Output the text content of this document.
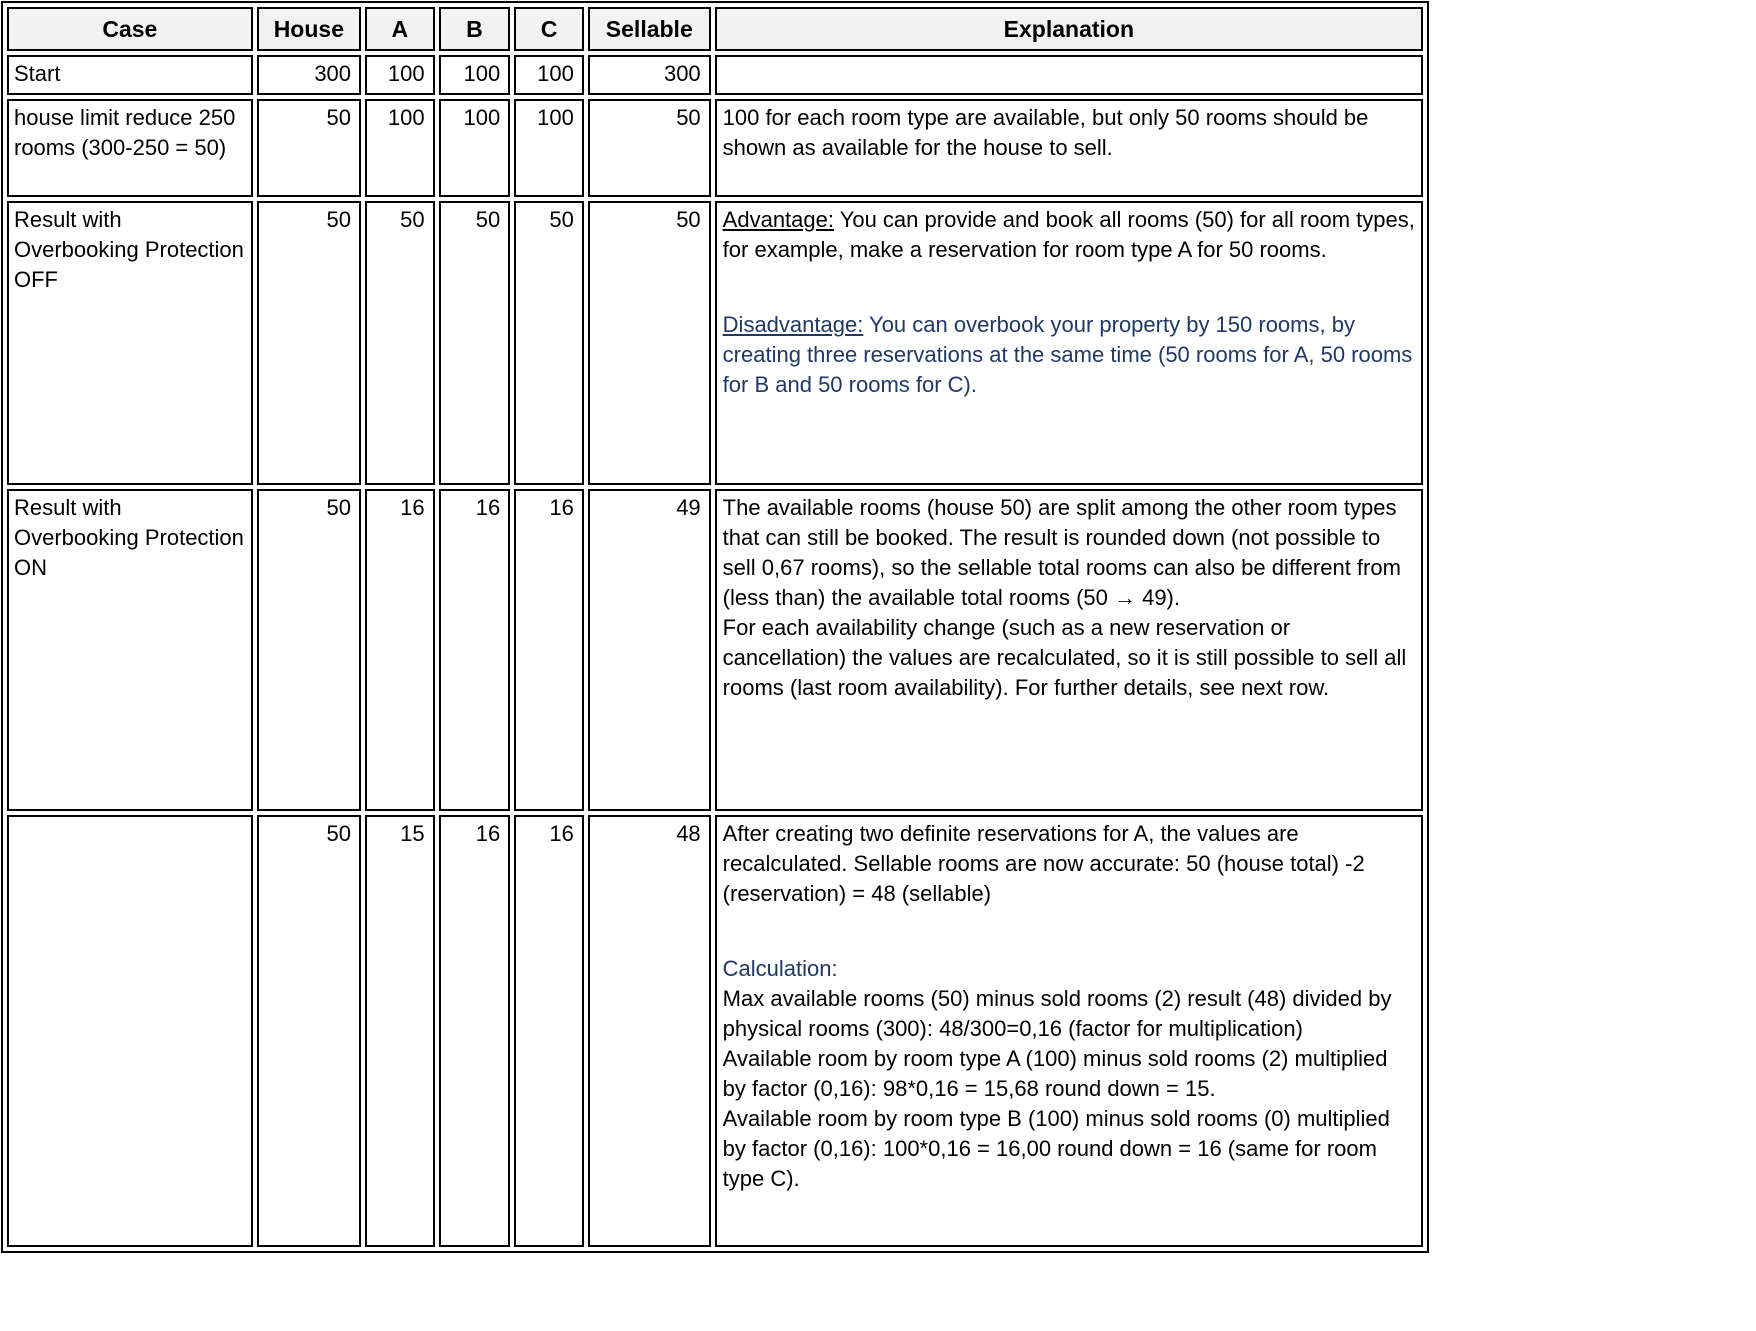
Case	House	A	B	C	Sellable	Explanation
Start	300	100	100	100	300	
house limit reduce 250 rooms (300-250 = 50)	50	100	100	100	50	100 for each room type are available, but only 50 rooms should be shown as available for the house to sell.

Result with Overbooking Protection OFF	50	50	50	50	50	Advantage: You can provide and book all rooms (50) for all room types, for example, make a reservation for room type A for 50 rooms.
Disadvantage: You can overbook your property by 150 rooms, by creating three reservations at the same time (50 rooms for A, 50 rooms for B and 50 rooms for C).

Result with Overbooking Protection ON	50	16	16	16	49	The available rooms (house 50) are split among the other room types that can still be booked. The result is rounded down (not possible to sell 0,67 rooms), so the sellable total rooms can also be different from (less than) the available total rooms (50 → 49).
For each availability change (such as a new reservation or cancellation) the values are recalculated, so it is still possible to sell all rooms (last room availability). For further details, see next row.

	50	15	16	16	48	After creating two definite reservations for A, the values are recalculated. Sellable rooms are now accurate: 50 (house total) -2 (reservation) = 48 (sellable)
Calculation:
Max available rooms (50) minus sold rooms (2) result (48) divided by physical rooms (300): 48/300=0,16 (factor for multiplication)
Available room by room type A (100) minus sold rooms (2) multiplied by factor (0,16): 98*0,16 = 15,68 round down = 15.
Available room by room type B (100) minus sold rooms (0) multiplied by factor (0,16): 100*0,16 = 16,00 round down = 16 (same for room type C).
